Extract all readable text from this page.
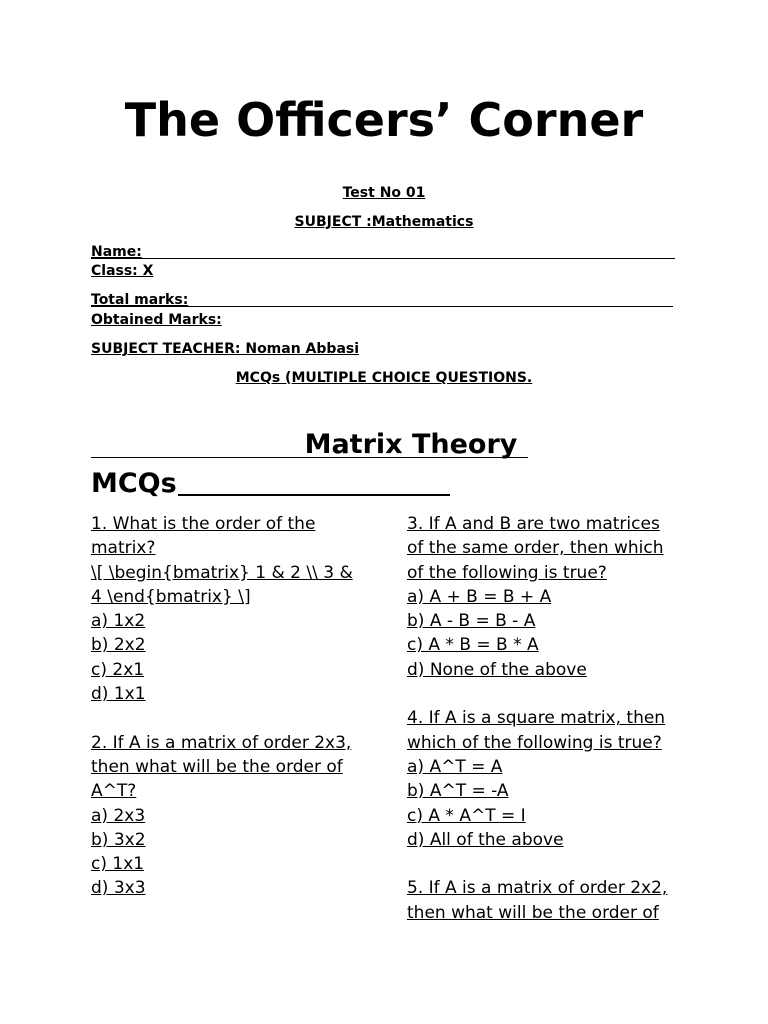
The Officers’ Corner
Test No 01
SUBJECT :Mathematics
Name:
Class: X
Total marks:
Obtained Marks:
SUBJECT TEACHER: Noman Abbasi
MCQs (MULTIPLE CHOICE QUESTIONS.
Matrix Theory
MCQs

1. What is the order of the

matrix?

\[ \begin{bmatrix} 1 & 2 \\ 3 &

4 \end{bmatrix} \]

a) 1x2

b) 2x2

c) 2x1

d) 1x1

2. If A is a matrix of order 2x3,

then what will be the order of

A^T?

a) 2x3

b) 3x2

c) 1x1

d) 3x3

3. If A and B are two matrices

of the same order, then which

of the following is true?

a) A + B = B + A

b) A - B = B - A

c) A * B = B * A

d) None of the above

4. If A is a square matrix, then

which of the following is true?

a) A^T = A

b) A^T = -A

c) A * A^T = I

d) All of the above

5. If A is a matrix of order 2x2,

then what will be the order of
